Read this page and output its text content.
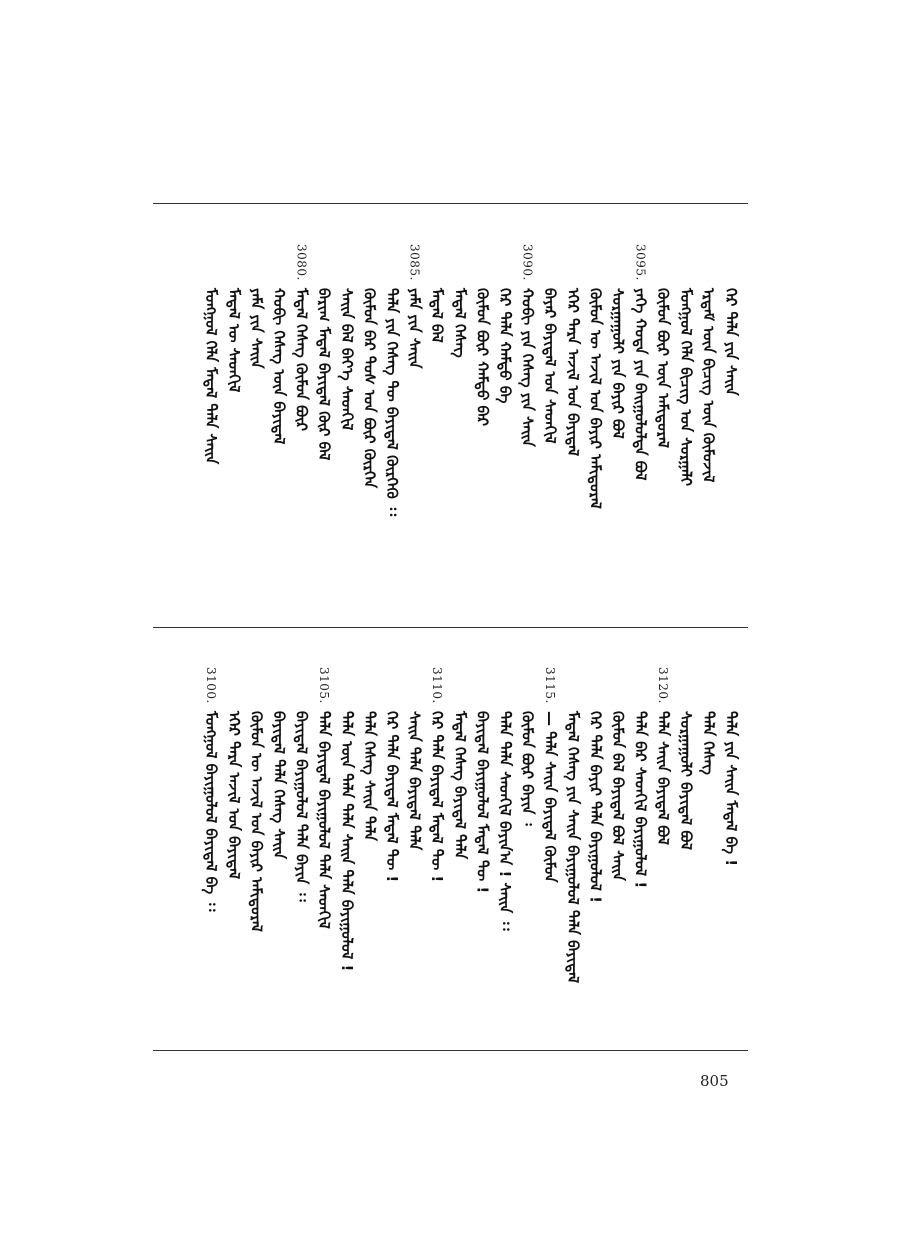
ᠭᠡᠷ ᠲᠠᠯᠠ ᠶᠢᠨ ᠰᠠᠢᠨ
ᠡᠷᠳᠡᠮ ᠦᠨ ᠪᠢᠴᠢᠭ ᠦᠨ ᠬᠥᠮᠦᠵᠢᠯ
ᠮᠣᠩᠭᠣᠯ ᠬᠡᠯᠡ ᠪᠢᠴᠢᠭ ᠤᠨ ᠰᠤᠷᠭᠠᠯᠢ
ᠬᠦᠮᠦᠨ ᠪᠦᠷ ᠦᠨ ᠠᠮᠢᠳᠤᠷᠠᠯ
3095.
ᠶᠡᠬᠡ ᠬᠣᠲᠠ ᠶᠢᠨ ᠪᠠᠢᠭᠤᠯᠤᠯᠲᠠ ᠪᠣᠯ
ᠰᠤᠷᠭᠠᠭᠤᠯᠢ ᠶᠢᠨ ᠪᠠᠶᠢᠷ ᠪᠣᠯ
ᠬᠦᠮᠦᠨ ᠦ ᠠᠵᠢᠯ ᠤᠨ ᠪᠠᠶᠢᠷ ᠠᠮᠢᠳᠤᠷᠠᠯ
ᠡᠭᠡᠷ ᠲᠡᠷᠡ ᠠᠵᠢᠯ ᠤᠨ ᠪᠠᠶᠢᠳᠠᠯ
ᠪᠠᠶᠠᠷ ᠪᠠᠶᠢᠳᠠᠯ ᠤᠨ ᠰᠡᠳᠬᠢᠯ
3090.
ᠬᠣᠪᠢ ᠶᠢᠨ ᠬᠡᠰᠡᠭ ᠶᠢᠨ ᠰᠠᠢᠨ
ᠭᠡᠷ ᠲᠠᠯᠠ ᠬᠠᠮᠲᠤ ᠪᠡ
ᠬᠦᠮᠦᠨ ᠪᠦᠷ ᠬᠠᠮᠲᠤ ᠪᠠᠷ
ᠮᠡᠳᠡᠯ ᠬᠡᠰᠡᠭ
ᠮᠡᠳᠡᠯ ᠪᠡᠯ
3085.
ᠶᠠᠮᠠ ᠶᠢᠨ ᠰᠠᠢᠨ
ᠲᠠᠯᠠ ᠶᠢᠨ ᠬᠡᠰᠡᠭ ᠲᠦ ᠪᠠᠶᠢᠳᠠᠯ ᠬᠦᠷᠬᠡᠬᠦ ᠄᠄
ᠬᠦᠮᠦᠨ ᠪᠡᠷ ᠲᠤᠰ ᠤᠨ ᠪᠦᠷ ᠬᠦᠷᠭᠡᠨ
ᠰᠠᠢᠨ ᠪᠡᠯ ᠪᠡᠶ᠎ᠡ ᠰᠡᠳᠬᠢᠯ
ᠪᠠᠷᠢᠭ ᠮᠡᠳᠡᠯ ᠪᠠᠶᠢᠳᠠᠯ ᠬᠦᠷ ᠪᠡᠯ
3080.
ᠮᠡᠳᠡᠯ ᠬᠡᠰᠡᠭ ᠬᠦᠮᠦᠨ ᠪᠦᠷ
ᠬᠣᠪᠢ ᠬᠡᠰᠡᠭ ᠦᠨ ᠪᠠᠶᠢᠳᠠᠯ
ᠶᠠᠮᠠ ᠶᠢᠨ ᠰᠠᠢᠨ
ᠮᠡᠳᠡᠯ ᠦ ᠰᠡᠳᠬᠢᠯ
ᠮᠣᠩᠭᠣᠯ ᠬᠡᠯᠡ ᠮᠡᠳᠡᠯ ᠲᠠᠯᠠ ᠰᠠᠢᠨ
ᠲᠠᠯᠠ ᠶᠢᠨ ᠰᠠᠢᠨ ᠮᠡᠳᠡᠯ ᠪᠠ !
ᠲᠠᠯᠠ ᠬᠡᠰᠡᠭ
ᠰᠤᠷᠭᠠᠭᠤᠯᠢ ᠪᠠᠶᠢᠳᠠᠯ ᠪᠣᠯ
3120.
ᠲᠠᠯᠠ ᠰᠠᠢᠨ ᠪᠠᠶᠢᠳᠠᠯ ᠪᠣᠯ
ᠲᠠᠯᠠ ᠪᠠᠷ ᠰᠡᠳᠬᠢᠯ ᠪᠠᠶᠢᠭᠤᠯᠤᠯ !
ᠬᠦᠮᠦᠨ ᠪᠡᠯ ᠪᠠᠶᠢᠳᠠᠯ ᠪᠣᠯ ᠰᠠᠢᠨ
ᠭᠡᠷ ᠲᠠᠯᠠ ᠪᠠᠶᠢᠷ ᠲᠠᠯᠠ ᠪᠠᠶᠢᠭᠤᠯᠤᠯ !
ᠮᠡᠳᠡᠯ ᠬᠡᠰᠡᠭ ᠶᠢᠨ ᠰᠠᠢᠨ ᠪᠠᠶᠢᠭᠤᠯᠤᠯ ᠲᠠᠯᠠ ᠪᠠᠶᠢᠳᠠᠯ
3115.
— ᠲᠠᠯᠠ ᠰᠠᠢᠨ ᠪᠠᠶᠢᠳᠠᠯ ᠬᠦᠮᠦᠨ
ᠬᠦᠮᠦᠨ ᠪᠦᠷ ᠪᠠᠶᠢᠨ ᠄
ᠲᠠᠯᠠ ᠲᠠᠯᠠ ᠰᠡᠳᠬᠢᠯ ᠪᠠᠶᠢᠨ᠎ᠠ ! ᠰᠠᠢᠨ ᠄᠄
ᠪᠠᠶᠢᠳᠠᠯ ᠪᠠᠶᠢᠭᠤᠯᠤᠯ ᠮᠡᠳᠡᠯ ᠲᠦ !
ᠮᠡᠳᠡᠯ ᠬᠡᠰᠡᠭ ᠪᠠᠶᠢᠳᠠᠯ ᠲᠠᠯᠠ
3110.
ᠭᠡᠷ ᠲᠠᠯᠠ ᠪᠠᠶᠢᠳᠠᠯ ᠮᠡᠳᠡᠯ ᠲᠦ !
ᠰᠠᠢᠨ ᠲᠠᠯᠠ ᠪᠠᠶᠢᠳᠠᠯ ᠲᠠᠯᠠ
ᠭᠡᠷ ᠲᠠᠯᠠ ᠪᠠᠶᠢᠳᠠᠯ ᠮᠡᠳᠡᠯ ᠲᠦ !
ᠲᠠᠯᠠ ᠬᠡᠰᠡᠭ ᠰᠠᠢᠨ ᠲᠠᠯᠠ
ᠲᠠᠯᠠ ᠦᠨ ᠲᠠᠯᠠ ᠲᠠᠯᠠ ᠰᠠᠢᠨ ᠲᠠᠯᠠ ᠪᠠᠶᠢᠭᠤᠯᠤᠯ !
3105.
ᠲᠠᠯᠠ ᠪᠠᠶᠢᠳᠠᠯ ᠪᠠᠶᠢᠭᠤᠯᠤᠯ ᠲᠠᠯᠠ ᠰᠡᠳᠬᠢᠯ
ᠪᠠᠶᠢᠳᠠᠯ ᠪᠠᠶᠢᠭᠤᠯᠤᠯ ᠲᠠᠯᠠ ᠪᠠᠶᠢᠨ ᠄᠄
ᠪᠠᠶᠢᠳᠠᠯ ᠲᠠᠯᠠ ᠬᠡᠰᠡᠭ ᠰᠠᠢᠨ
ᠬᠦᠮᠦᠨ ᠦ ᠠᠵᠢᠯ ᠤᠨ ᠪᠠᠶᠢᠷ ᠠᠮᠢᠳᠤᠷᠠᠯ
ᠡᠭᠡᠷ ᠲᠡᠷᠡ ᠠᠵᠢᠯ ᠤᠨ ᠪᠠᠶᠢᠳᠠᠯ
3100.
ᠮᠣᠩᠭᠣᠯ ᠪᠠᠶᠢᠭᠤᠯᠤᠯ ᠪᠠᠶᠢᠳᠠᠯ ᠪᠠ ᠄᠄
805
